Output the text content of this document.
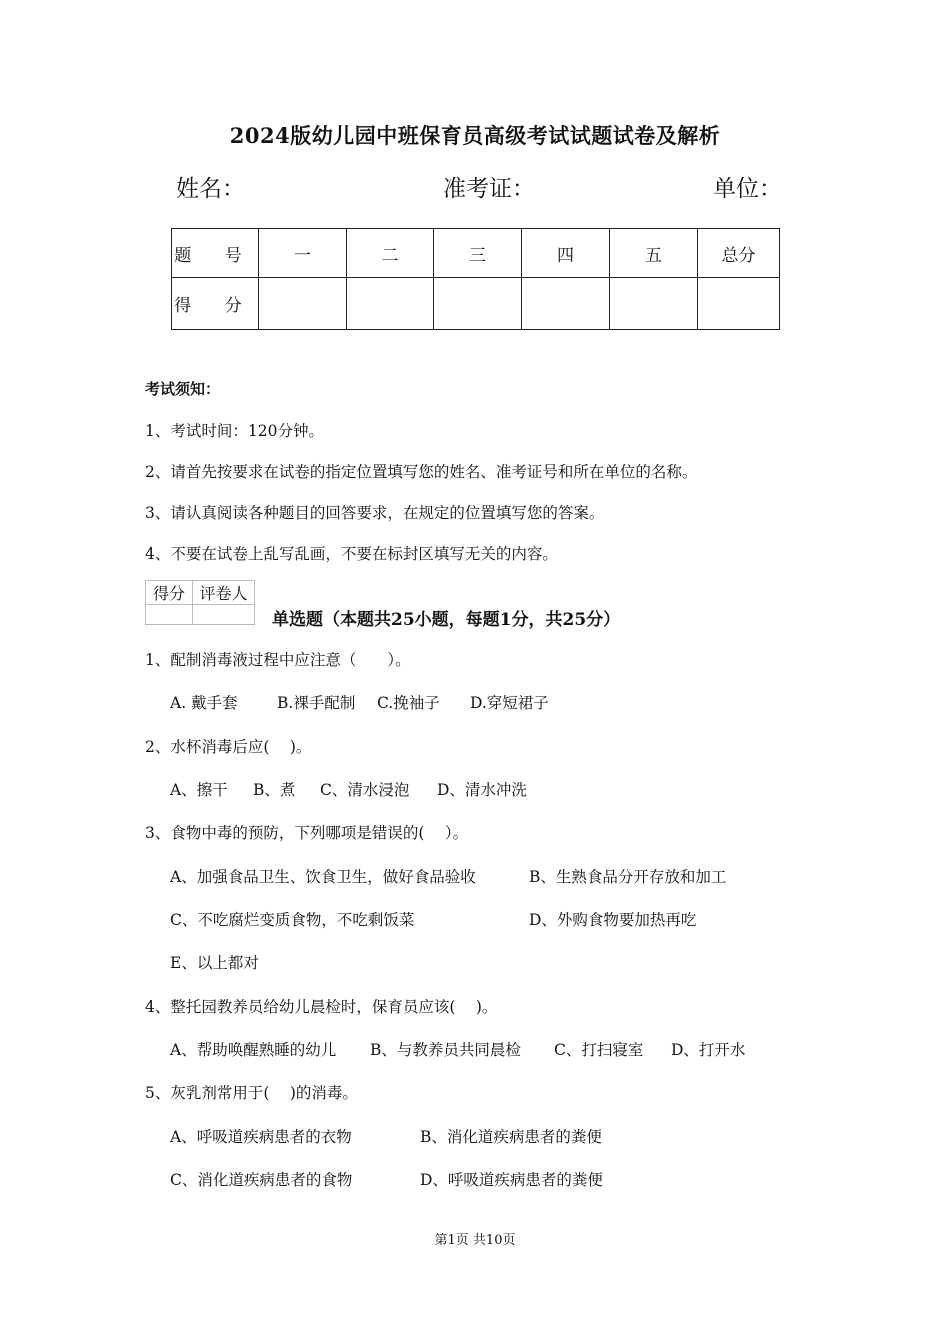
2024版幼儿园中班保育员高级考试试题试卷及解析
姓名：	准考证：	单位：
题 号	一	二	三	四	五	总分
得 分						
考试须知：
1、考试时间：120分钟。
2、请首先按要求在试卷的指定位置填写您的姓名、准考证号和所在单位的名称。
3、请认真阅读各种题目的回答要求，在规定的位置填写您的答案。
4、不要在试卷上乱写乱画，不要在标封区填写无关的内容。
得分	评卷人

单选题（本题共25小题，每题1分，共25分）
1、配制消毒液过程中应注意（　　）。
A. 戴手套	B.裸手配制 C.挽袖子 D.穿短裙子
2、水杯消毒后应(　 )。
A、擦干 B、煮 C、清水浸泡 D、清水冲洗
3、食物中毒的预防，下列哪项是错误的(　 ）。
A、加强食品卫生、饮食卫生，做好食品验收	B、生熟食品分开存放和加工
C、不吃腐烂变质食物，不吃剩饭菜	D、外购食物要加热再吃
E、以上都对
4、整托园教养员给幼儿晨检时，保育员应该(　 )。
A、帮助唤醒熟睡的幼儿 B、与教养员共同晨检 C、打扫寝室 D、打开水
5、灰乳剂常用于(　 )的消毒。
A、呼吸道疾病患者的衣物	B、消化道疾病患者的粪便
C、消化道疾病患者的食物	D、呼吸道疾病患者的粪便
第1页 共10页
